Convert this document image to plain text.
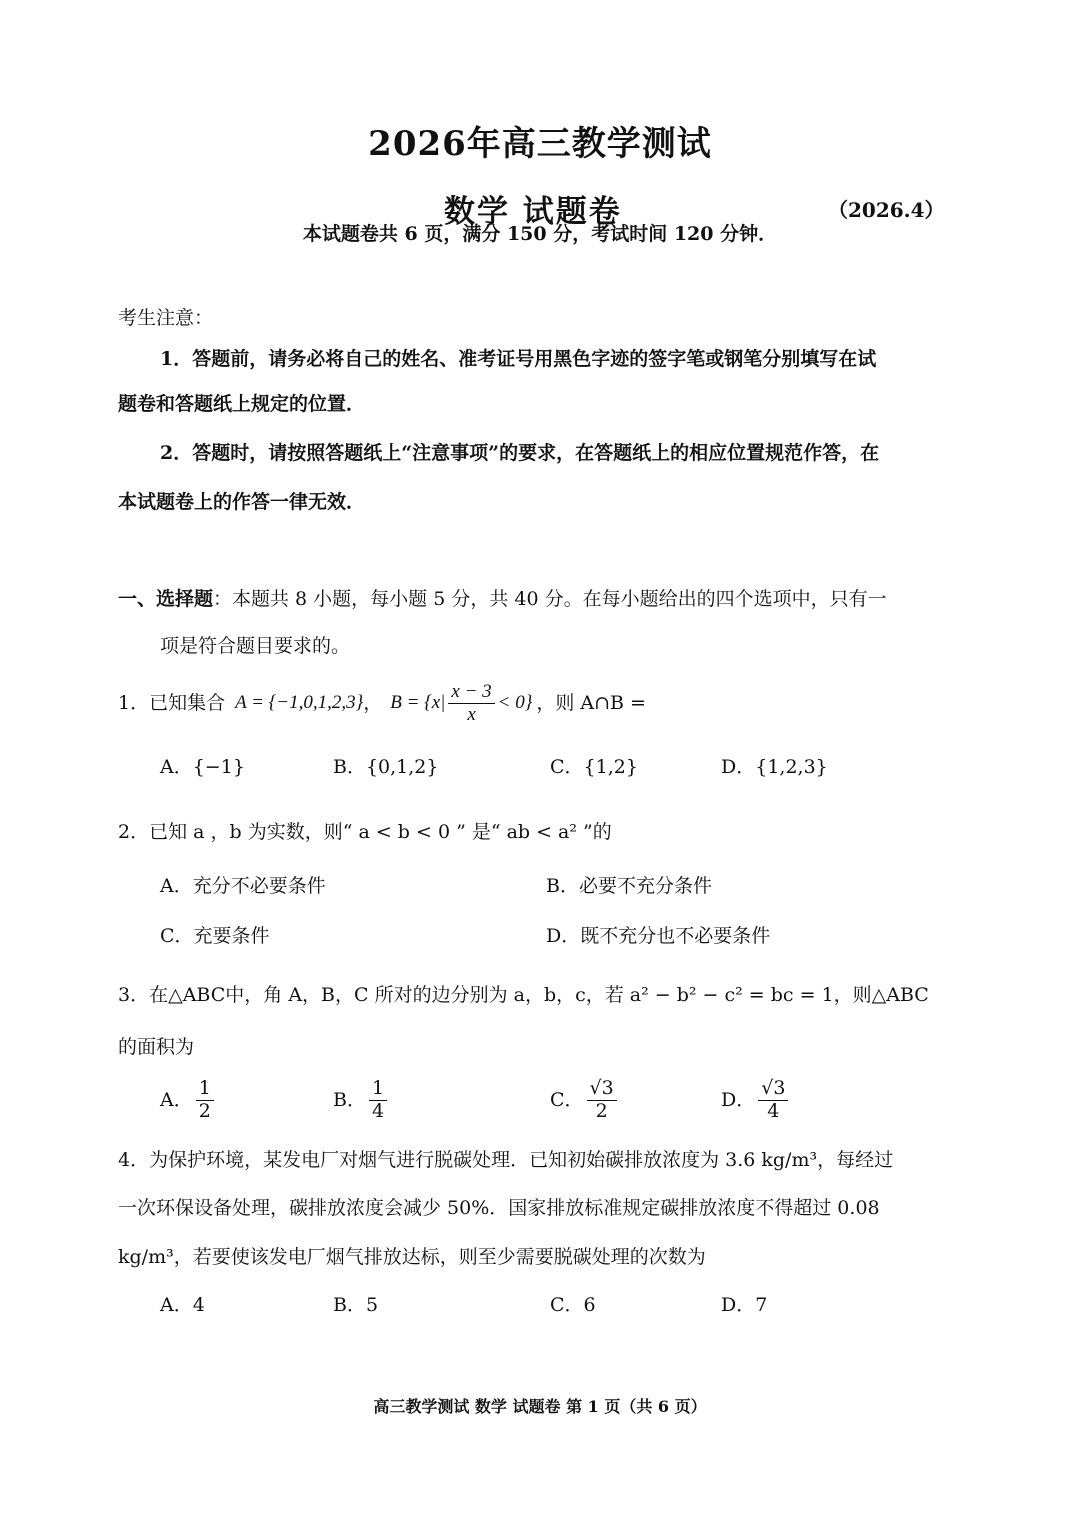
2026年高三教学测试
数学 试题卷	（2026.4）
本试题卷共 6 页，满分 150 分，考试时间 120 分钟．
考生注意：
1．答题前，请务必将自己的姓名、准考证号用黑色字迹的签字笔或钢笔分别填写在试
题卷和答题纸上规定的位置．
2．答题时，请按照答题纸上“注意事项”的要求，在答题纸上的相应位置规范作答，在
本试题卷上的作答一律无效．
一、选择题：本题共 8 小题，每小题 5 分，共 40 分。在每小题给出的四个选项中，只有一
项是符合题目要求的。
1．已知集合 A = {−1,0,1,2,3} ， $B = \{x| \frac{x - 3}{x} < 0\}$ ，则 A∩B =
A．{−1}	B．{0,1,2}	C．{1,2}	D．{1,2,3}
2．已知 a ，b 为实数，则“ a < b < 0 ” 是“ ab < a² ”的
A．充分不必要条件	B．必要不充分条件
C．充要条件	D．既不充分也不必要条件
3．在△ABC中，角 A，B，C 所对的边分别为 a，b，c，若 a² − b² − c² = bc = 1，则△ABC
的面积为
A． $\frac{1}{2}$	B． $\frac{1}{4}$	C． $\frac{√3}{2}$	D． $\frac{√3}{4}$
4．为保护环境，某发电厂对烟气进行脱碳处理．已知初始碳排放浓度为 3.6 kg/m³，每经过
一次环保设备处理，碳排放浓度会减少 50%．国家排放标准规定碳排放浓度不得超过 0.08
kg/m³，若要使该发电厂烟气排放达标，则至少需要脱碳处理的次数为
A．4	B．5	C．6	D．7
高三教学测试 数学 试题卷 第 1 页（共 6 页）
